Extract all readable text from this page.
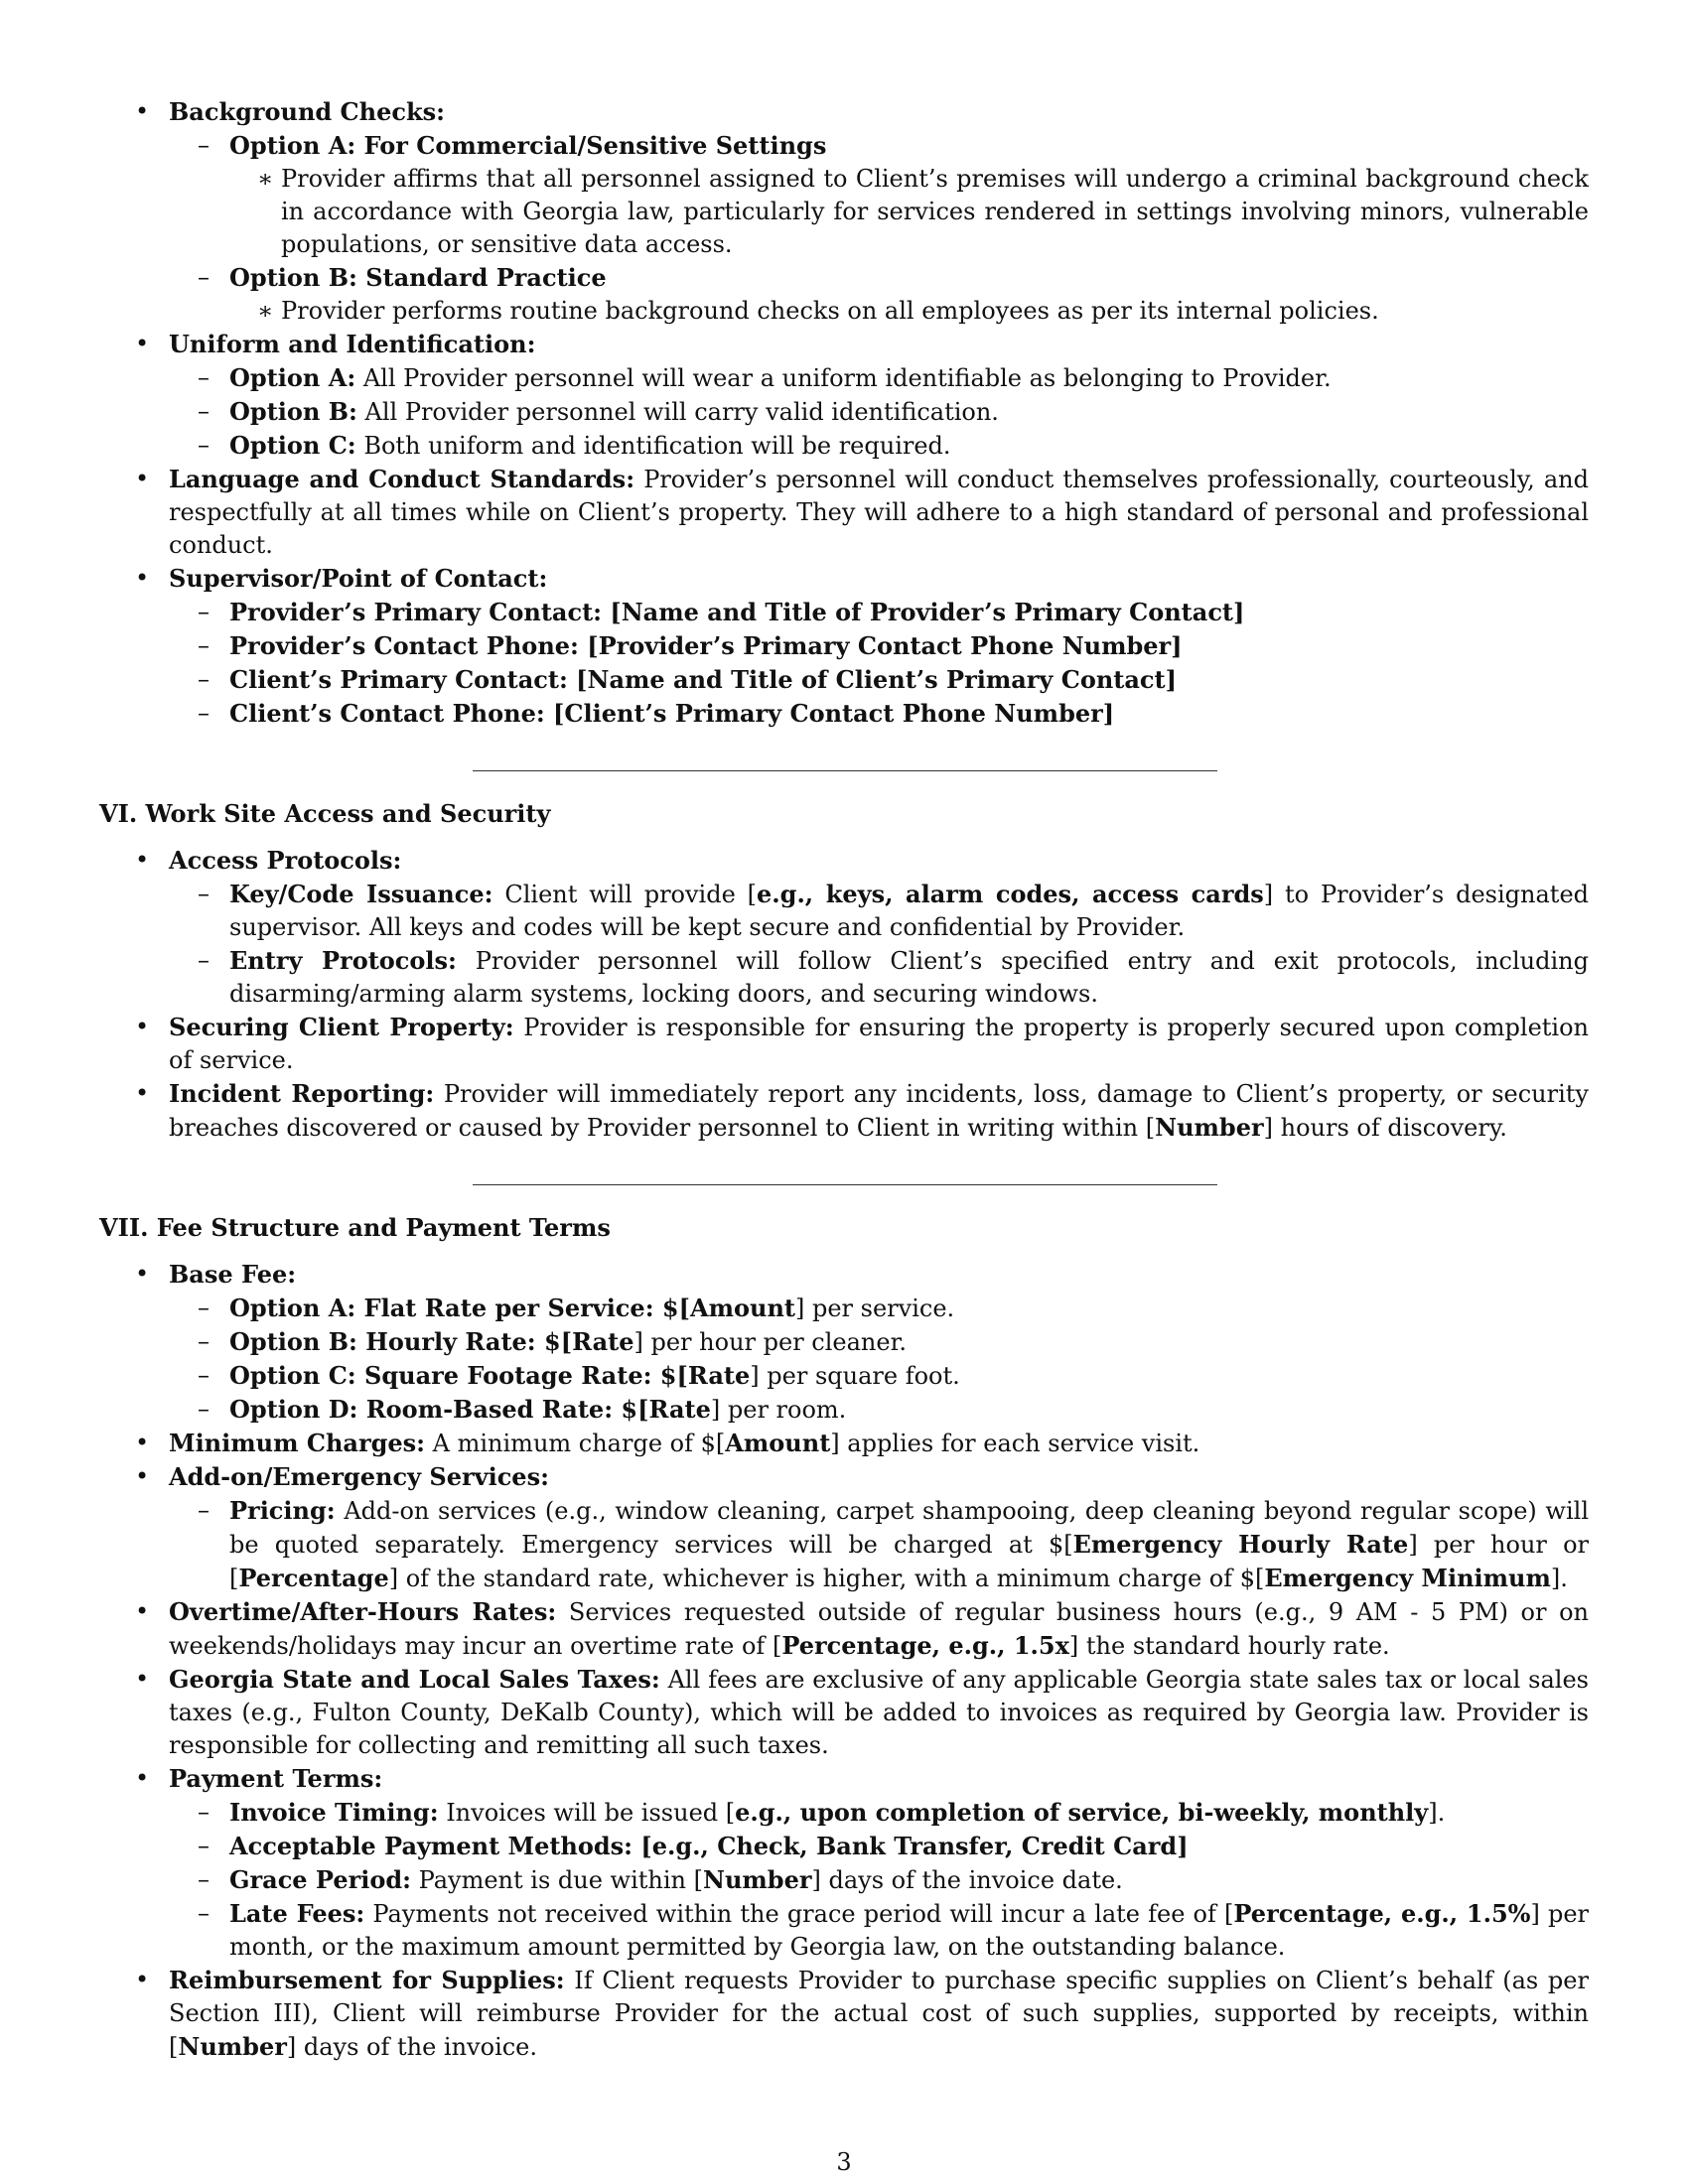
• Background Checks:
– Option A: For Commercial/Sensitive Settings
∗ Provider affirms that all personnel assigned to Client’s premises will undergo a criminal background check in accordance with Georgia law, particularly for services rendered in settings involving minors, vulnerable populations, or sensitive data access.
– Option B: Standard Practice
∗ Provider performs routine background checks on all employees as per its internal policies.
• Uniform and Identification:
– Option A: All Provider personnel will wear a uniform identifiable as belonging to Provider.
– Option B: All Provider personnel will carry valid identification.
– Option C: Both uniform and identification will be required.
• Language and Conduct Standards: Provider’s personnel will conduct themselves professionally, courteously, and respectfully at all times while on Client’s property. They will adhere to a high standard of personal and professional conduct.
• Supervisor/Point of Contact:
– Provider’s Primary Contact: [Name and Title of Provider’s Primary Contact]
– Provider’s Contact Phone: [Provider’s Primary Contact Phone Number]
– Client’s Primary Contact: [Name and Title of Client’s Primary Contact]
– Client’s Contact Phone: [Client’s Primary Contact Phone Number]
VI. Work Site Access and Security
• Access Protocols:
– Key/Code Issuance: Client will provide [e.g., keys, alarm codes, access cards] to Provider’s designated supervisor. All keys and codes will be kept secure and confidential by Provider.
– Entry Protocols: Provider personnel will follow Client’s specified entry and exit protocols, including disarming/arming alarm systems, locking doors, and securing windows.
• Securing Client Property: Provider is responsible for ensuring the property is properly secured upon completion of service.
• Incident Reporting: Provider will immediately report any incidents, loss, damage to Client’s property, or security breaches discovered or caused by Provider personnel to Client in writing within [Number] hours of discovery.
VII. Fee Structure and Payment Terms
• Base Fee:
– Option A: Flat Rate per Service: $[Amount] per service.
– Option B: Hourly Rate: $[Rate] per hour per cleaner.
– Option C: Square Footage Rate: $[Rate] per square foot.
– Option D: Room-Based Rate: $[Rate] per room.
• Minimum Charges: A minimum charge of $[Amount] applies for each service visit.
• Add-on/Emergency Services:
– Pricing: Add-on services (e.g., window cleaning, carpet shampooing, deep cleaning beyond regular scope) will be quoted separately. Emergency services will be charged at $[Emergency Hourly Rate] per hour or [Percentage] of the standard rate, whichever is higher, with a minimum charge of $[Emergency Minimum].
• Overtime/After-Hours Rates: Services requested outside of regular business hours (e.g., 9 AM - 5 PM) or on weekends/holidays may incur an overtime rate of [Percentage, e.g., 1.5x] the standard hourly rate.
• Georgia State and Local Sales Taxes: All fees are exclusive of any applicable Georgia state sales tax or local sales taxes (e.g., Fulton County, DeKalb County), which will be added to invoices as required by Georgia law. Provider is responsible for collecting and remitting all such taxes.
• Payment Terms:
– Invoice Timing: Invoices will be issued [e.g., upon completion of service, bi-weekly, monthly].
– Acceptable Payment Methods: [e.g., Check, Bank Transfer, Credit Card]
– Grace Period: Payment is due within [Number] days of the invoice date.
– Late Fees: Payments not received within the grace period will incur a late fee of [Percentage, e.g., 1.5%] per month, or the maximum amount permitted by Georgia law, on the outstanding balance.
• Reimbursement for Supplies: If Client requests Provider to purchase specific supplies on Client’s behalf (as per Section III), Client will reimburse Provider for the actual cost of such supplies, supported by receipts, within [Number] days of the invoice.
3
